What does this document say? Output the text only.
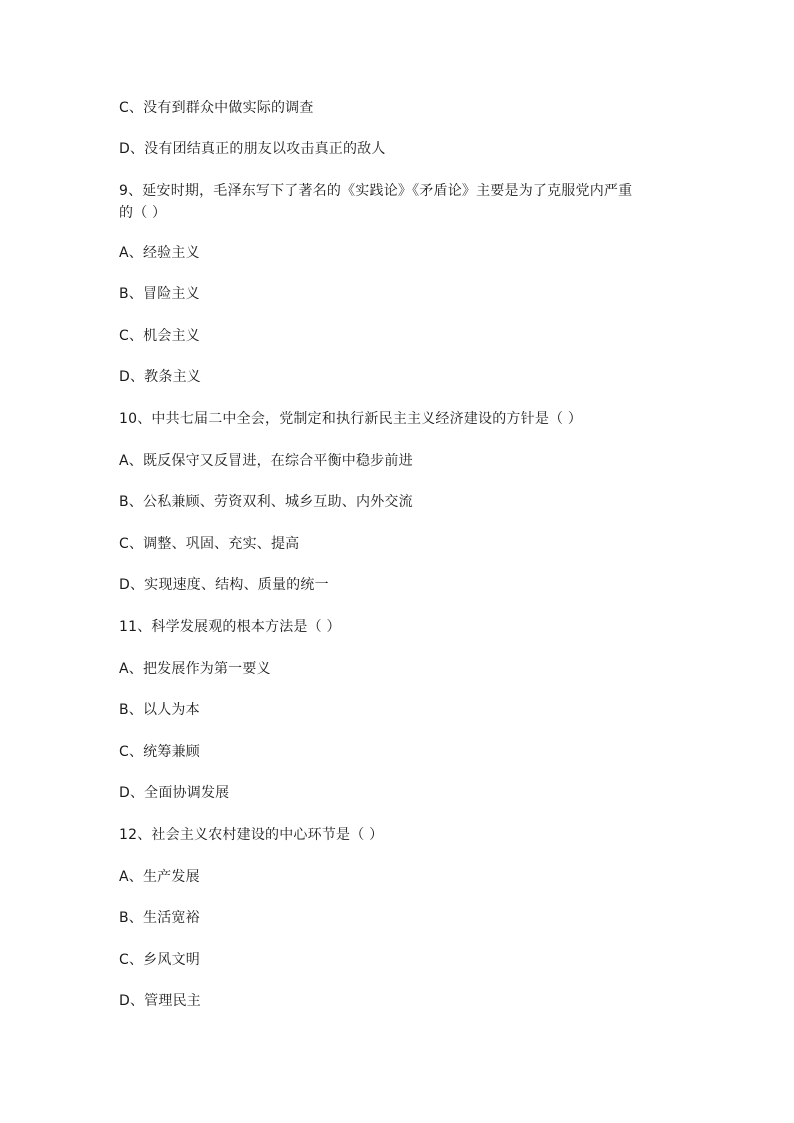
C、没有到群众中做实际的调查
D、没有团结真正的朋友以攻击真正的敌人
9、延安时期，毛泽东写下了著名的《实践论》《矛盾论》主要是为了克服党内严重的（ ）
A、经验主义
B、冒险主义
C、机会主义
D、教条主义
10、中共七届二中全会，党制定和执行新民主主义经济建设的方针是（ ）
A、既反保守又反冒进，在综合平衡中稳步前进
B、公私兼顾、劳资双利、城乡互助、内外交流
C、调整、巩固、充实、提高
D、实现速度、结构、质量的统一
11、科学发展观的根本方法是（ ）
A、把发展作为第一要义
B、以人为本
C、统筹兼顾
D、全面协调发展
12、社会主义农村建设的中心环节是（ ）
A、生产发展
B、生活宽裕
C、乡风文明
D、管理民主
